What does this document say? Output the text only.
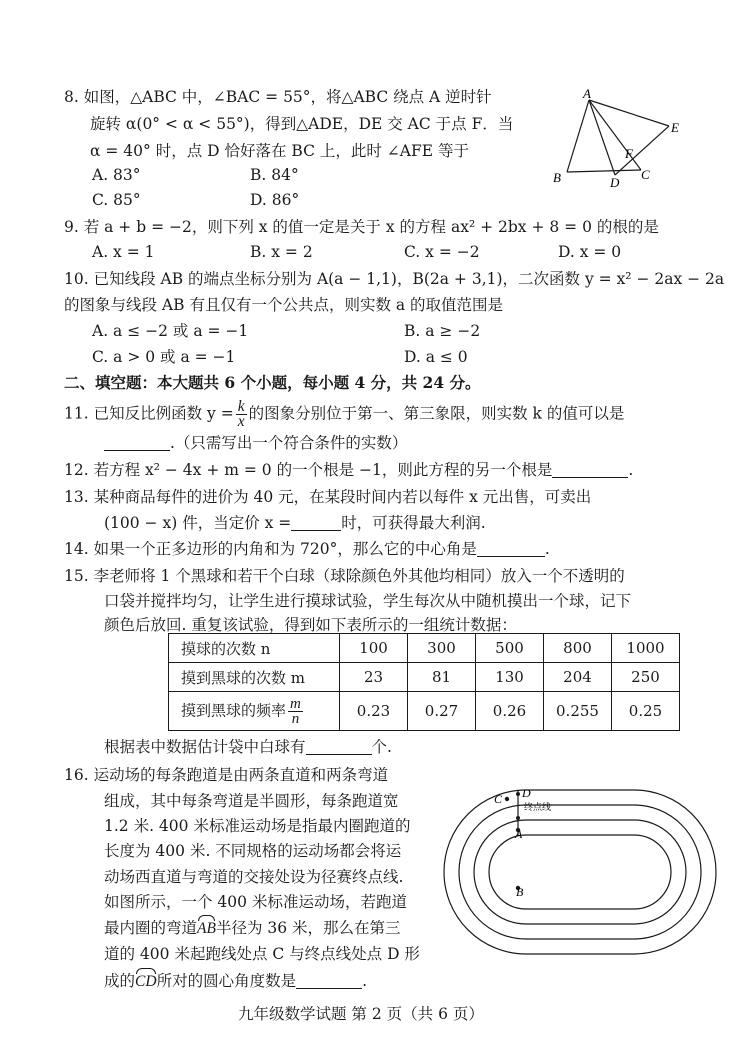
8. 如图，△ABC 中，∠BAC = 55°，将△ABC 绕点 A 逆时针
旋转 α(0° < α < 55°)，得到△ADE，DE 交 AC 于点 F．当
α = 40° 时，点 D 恰好落在 BC 上，此时 ∠AFE 等于
A. 83°	B. 84°
C. 85°	D. 86°
A
B	C
D
E
F
9. 若 a + b = −2，则下列 x 的值一定是关于 x 的方程 ax² + 2bx + 8 = 0 的根的是
A. x = 1	B. x = 2	C. x = −2	D. x = 0
10. 已知线段 AB 的端点坐标分别为 A(a − 1,1)，B(2a + 3,1)，二次函数 y = x² − 2ax − 2a
的图象与线段 AB 有且仅有一个公共点，则实数 a 的取值范围是
A. a ≤ −2 或 a = −1	B. a ≥ −2
C. a > 0 或 a = −1	D. a ≤ 0
二、填空题：本大题共 6 个小题，每小题 4 分，共 24 分。
11. 已知反比例函数 $y = \frac{k}{x}$ 的图象分别位于第一、第三象限，则实数 k 的值可以是
.（只需写出一个符合条件的实数）
12. 若方程 x² − 4x + m = 0 的一个根是 −1，则此方程的另一个根是	.
13. 某种商品每件的进价为 40 元，在某段时间内若以每件 x 元出售，可卖出
(100 − x) 件，当定价 x =	时，可获得最大利润.
14. 如果一个正多边形的内角和为 720°，那么它的中心角是	.
15. 李老师将 1 个黑球和若干个白球（球除颜色外其他均相同）放入一个不透明的
口袋并搅拌均匀，让学生进行摸球试验，学生每次从中随机摸出一个球，记下
颜色后放回. 重复该试验，得到如下表所示的一组统计数据：
摸球的次数 n	100	300	500	800	1000
摸到黑球的次数 m	23	81	130	204	250
摸到黑球的频率 $\frac{m}{n}$	0.23	0.27	0.26	0.255	0.25
根据表中数据估计袋中白球有	个.
16. 运动场的每条跑道是由两条直道和两条弯道
组成，其中每条弯道是半圆形，每条跑道宽
1.2 米. 400 米标准运动场是指最内圈跑道的
长度为 400 米. 不同规格的运动场都会将运
动场西直道与弯道的交接处设为径赛终点线.
如图所示，一个 400 米标准运动场，若跑道
最内圈的弯道AB半径为 36 米，那么在第三
道的 400 米起跑线处点 C 与终点线处点 D 形
成的CD所对的圆心角度数是	.
C D
终点线
A
B
九年级数学试题 第 2 页（共 6 页）
